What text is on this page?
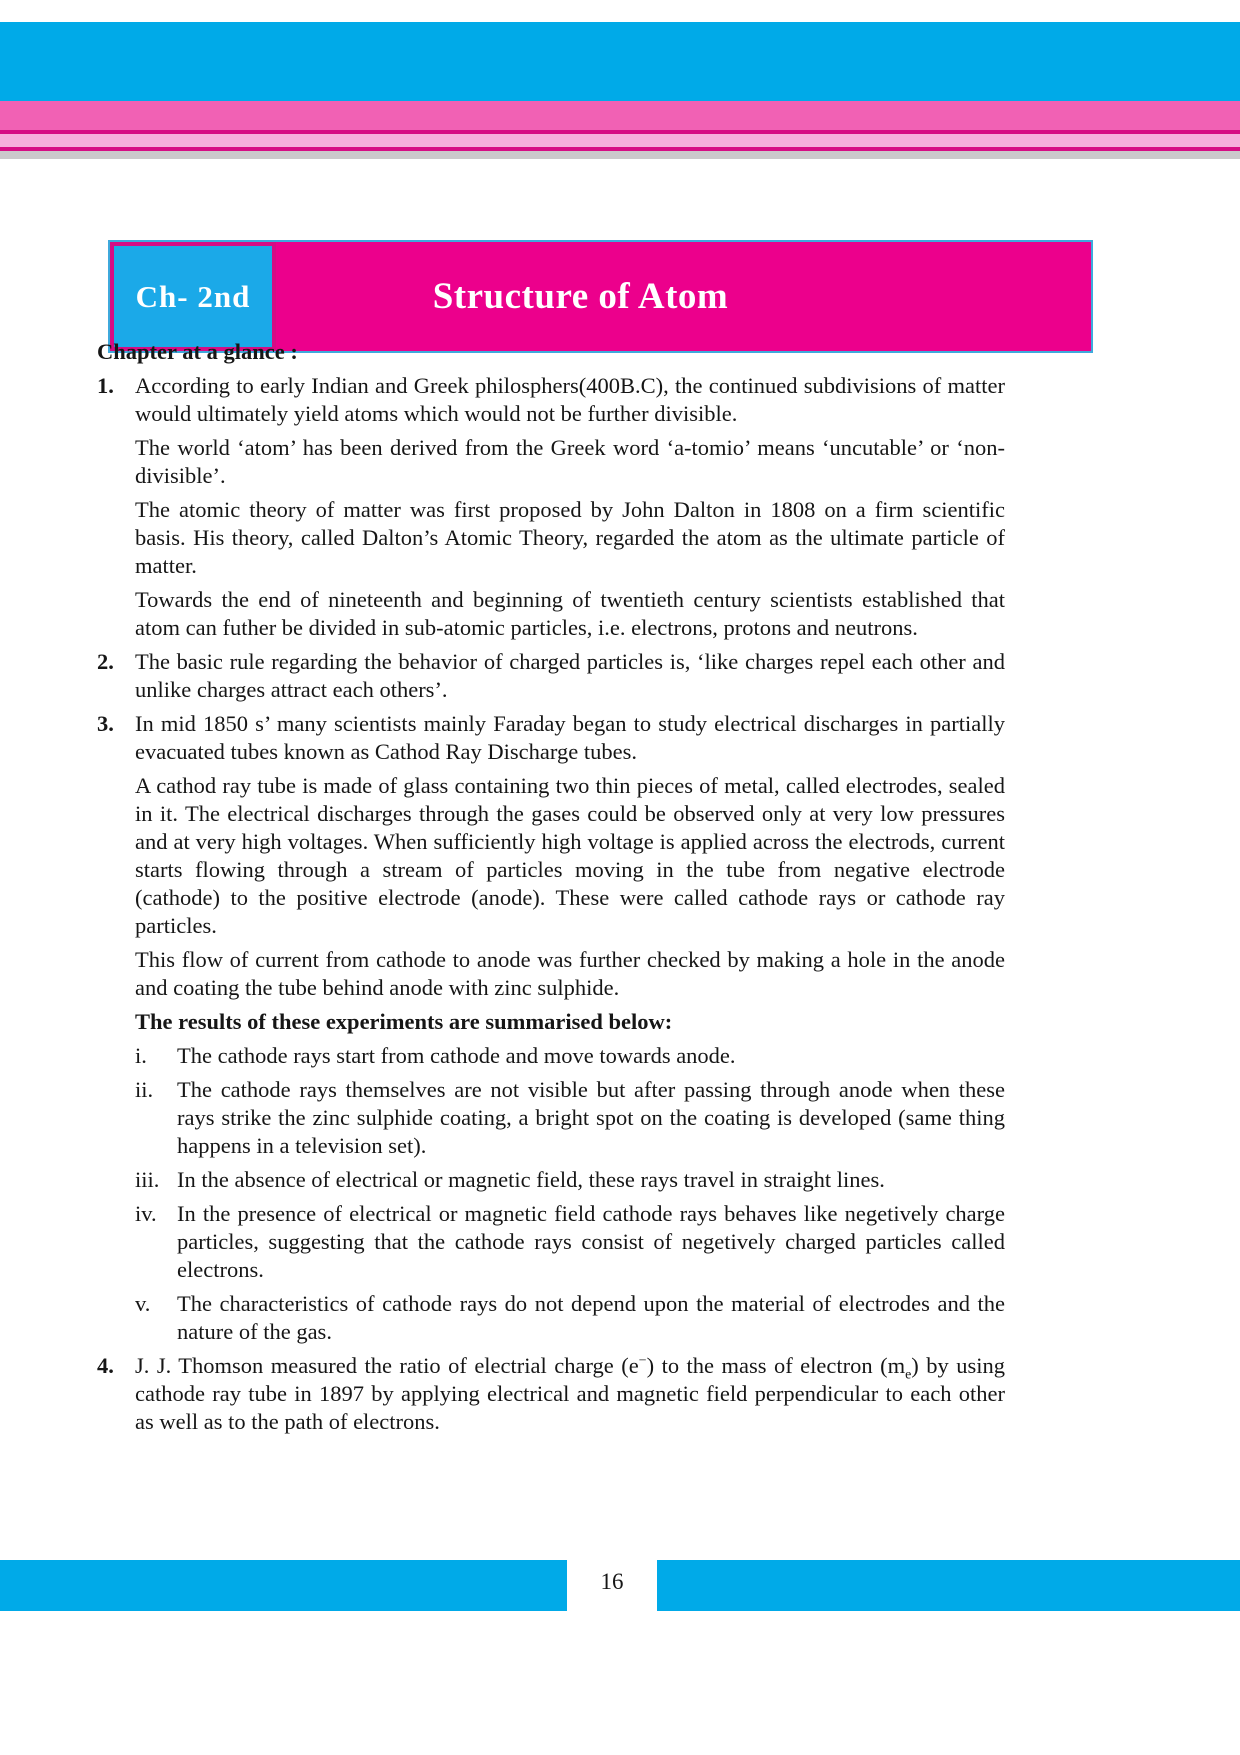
Structure of Atom
Ch- 2nd
Chapter at a glance :
1. According to early Indian and Greek philosphers(400B.C), the continued subdivisions of matter would ultimately yield atoms which would not be further divisible.
The world ‘atom’ has been derived from the Greek word ‘a-tomio’ means ‘uncutable’ or ‘non-divisible’.
The atomic theory of matter was first proposed by John Dalton in 1808 on a firm scientific basis. His theory, called Dalton’s Atomic Theory, regarded the atom as the ultimate particle of matter.
Towards the end of nineteenth and beginning of twentieth century scientists established that atom can futher be divided in sub-atomic particles, i.e. electrons, protons and neutrons.
2. The basic rule regarding the behavior of charged particles is, ‘like charges repel each other and unlike charges attract each others’.
3. In mid 1850 s’ many scientists mainly Faraday began to study electrical discharges in partially evacuated tubes known as Cathod Ray Discharge tubes.
A cathod ray tube is made of glass containing two thin pieces of metal, called electrodes, sealed in it. The electrical discharges through the gases could be observed only at very low pressures and at very high voltages. When sufficiently high voltage is applied across the electrods, current starts flowing through a stream of particles moving in the tube from negative electrode (cathode) to the positive electrode (anode). These were called cathode rays or cathode ray particles.
This flow of current from cathode to anode was further checked by making a hole in the anode and coating the tube behind anode with zinc sulphide.
The results of these experiments are summarised below:
i.	The cathode rays start from cathode and move towards anode.
ii.	The cathode rays themselves are not visible but after passing through anode when these rays strike the zinc sulphide coating, a bright spot on the coating is developed (same thing happens in a television set).
iii. In the absence of electrical or magnetic field, these rays travel in straight lines.
iv. In the presence of electrical or magnetic field cathode rays behaves like negetively charge particles, suggesting that the cathode rays consist of negetively charged particles called electrons.
v.	The characteristics of cathode rays do not depend upon the material of electrodes and the nature of the gas.
4. J. J. Thomson measured the ratio of electrial charge (e−) to the mass of electron $(m_e)$ by using cathode ray tube in 1897 by applying electrical and magnetic field perpendicular to each other as well as to the path of electrons.
16
